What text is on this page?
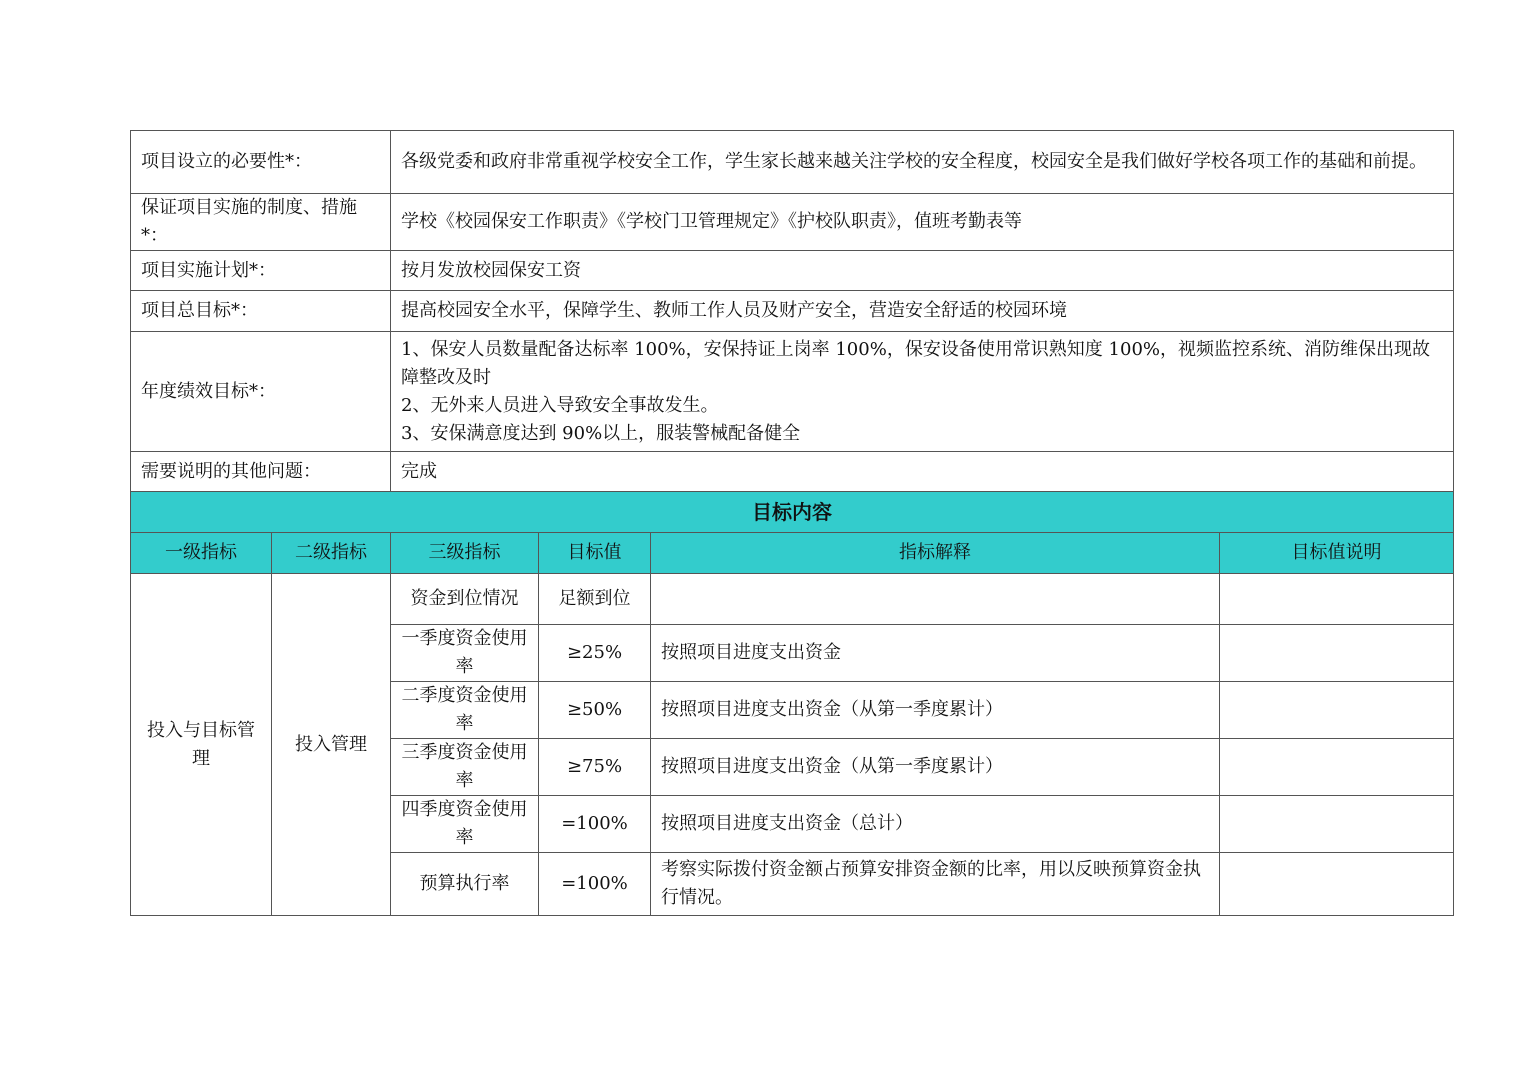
项目设立的必要性*：		各级党委和政府非常重视学校安全工作，学生家长越来越关注学校的安全程度，校园安全是我们做好学校各项工作的基础和前提。			
保证项目实施的制度、措施*：		学校《校园保安工作职责》《学校门卫管理规定》《护校队职责》，值班考勤表等			
项目实施计划*：		按月发放校园保安工资			
项目总目标*：		提高校园安全水平，保障学生、教师工作人员及财产安全，营造安全舒适的校园环境			
年度绩效目标*：		1、保安人员数量配备达标率 100%，安保持证上岗率 100%，保安设备使用常识熟知度 100%，视频监控系统、消防维保出现故障整改及时
2、无外来人员进入导致安全事故发生。
3、安保满意度达到 90%以上，服装警械配备健全			

需要说明的其他问题：		完成			
目标内容					
一级指标	二级指标	三级指标	目标值	指标解释	目标值说明
投入与目标管理	投入管理	资金到位情况	足额到位		
		一季度资金使用率	≥25%	按照项目进度支出资金	
		二季度资金使用率	≥50%	按照项目进度支出资金（从第一季度累计）	
		三季度资金使用率	≥75%	按照项目进度支出资金（从第一季度累计）	
		四季度资金使用率	=100%	按照项目进度支出资金（总计）	
		预算执行率	=100%	考察实际拨付资金额占预算安排资金额的比率，用以反映预算资金执行情况。	
